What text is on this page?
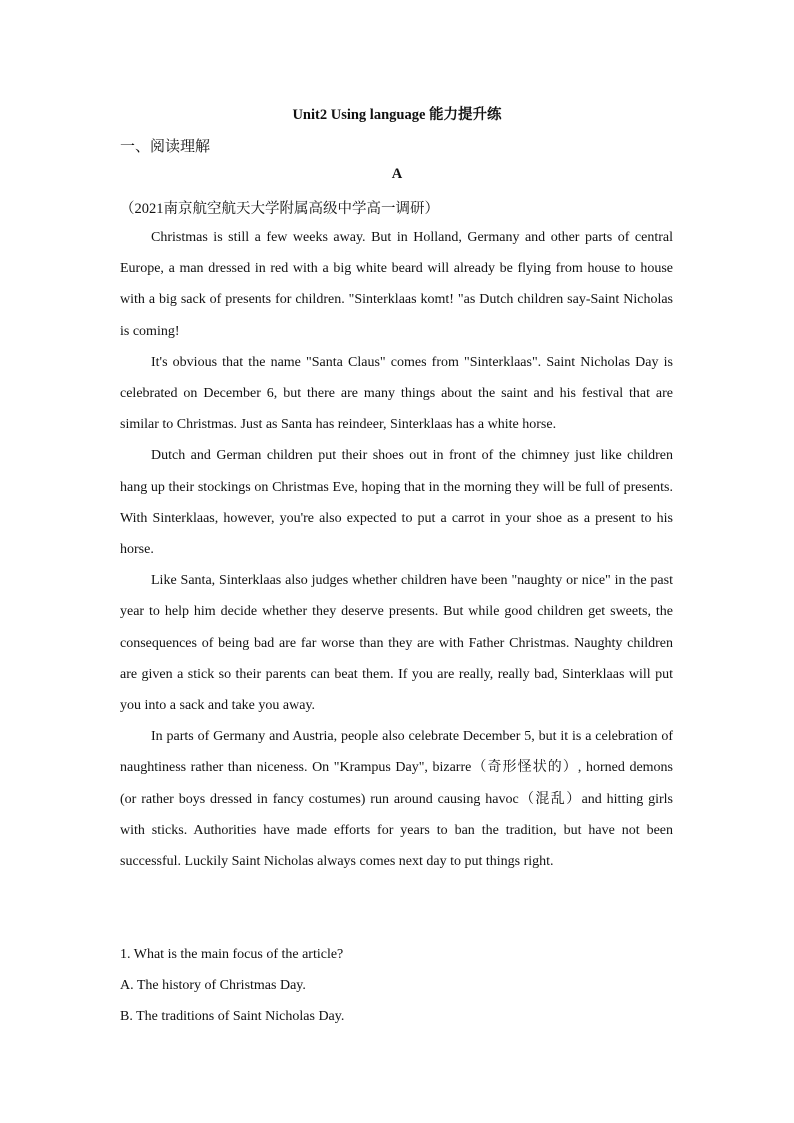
Unit2 Using language 能力提升练
一、阅读理解
A
（2021南京航空航天大学附属高级中学高一调研）

Christmas is still a few weeks away. But in Holland, Germany and other parts of central Europe, a man dressed in red with a big white beard will already be flying from house to house with a big sack of presents for children. "Sinterklaas komt! "as Dutch children say-Saint Nicholas is coming!

It's obvious that the name "Santa Claus" comes from "Sinterklaas". Saint Nicholas Day is celebrated on December 6, but there are many things about the saint and his festival that are similar to Christmas. Just as Santa has reindeer, Sinterklaas has a white horse.

Dutch and German children put their shoes out in front of the chimney just like children hang up their stockings on Christmas Eve, hoping that in the morning they will be full of presents. With Sinterklaas, however, you're also expected to put a carrot in your shoe as a present to his horse.

Like Santa, Sinterklaas also judges whether children have been "naughty or nice" in the past year to help him decide whether they deserve presents. But while good children get sweets, the consequences of being bad are far worse than they are with Father Christmas. Naughty children are given a stick so their parents can beat them. If you are really, really bad, Sinterklaas will put you into a sack and take you away.

In parts of Germany and Austria, people also celebrate December 5, but it is a celebration of naughtiness rather than niceness. On "Krampus Day", bizarre（奇形怪状的）, horned demons (or rather boys dressed in fancy costumes) run around causing havoc（混乱）and hitting girls with sticks. Authorities have made efforts for years to ban the tradition, but have not been successful. Luckily Saint Nicholas always comes next day to put things right.

1. What is the main focus of the article?
A. The history of Christmas Day.
B. The traditions of Saint Nicholas Day.
